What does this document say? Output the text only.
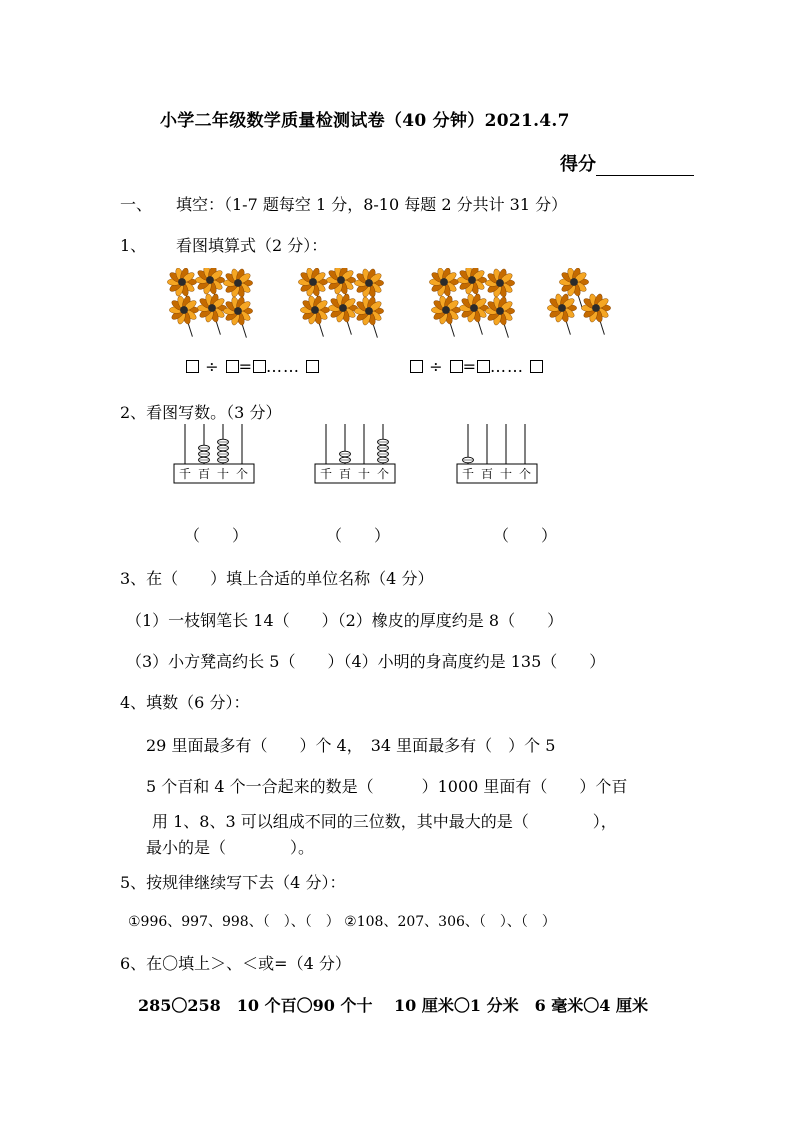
小学二年级数学质量检测试卷（40 分钟）2021.4.7
得分
一、 填空：（1-7 题每空 1 分，8-10 每题 2 分共计 31 分）
1、 看图填算式（2 分）：
÷ = ……	÷ = ……
2、看图写数。（3 分）
千 百 十 个	千 百 十 个	千 百 十 个
（　　）	（　　）	（　　）
3、在（　　）填上合适的单位名称（4 分）
（1）一枝钢笔长 14（　　）（2）橡皮的厚度约是 8（　　）
（3）小方凳高约长 5（　　）（4）小明的身高度约是 135（　　）
4、填数（6 分）：
29 里面最多有（　　）个 4，　34 里面最多有（　）个 5
5 个百和 4 个一合起来的数是（　　　）1000 里面有（　　）个百
用 1、8、3 可以组成不同的三位数，其中最大的是（　　　　），
最小的是（　　　　）。
5、按规律继续写下去（4 分）：
①996、997、998、（　）、（　） ②108、207、306、（　）、（　）
6、在〇填上＞、＜或=（4 分）
285〇258　10 个百〇90 个十　 10 厘米〇1 分米　6 毫米〇4 厘米
